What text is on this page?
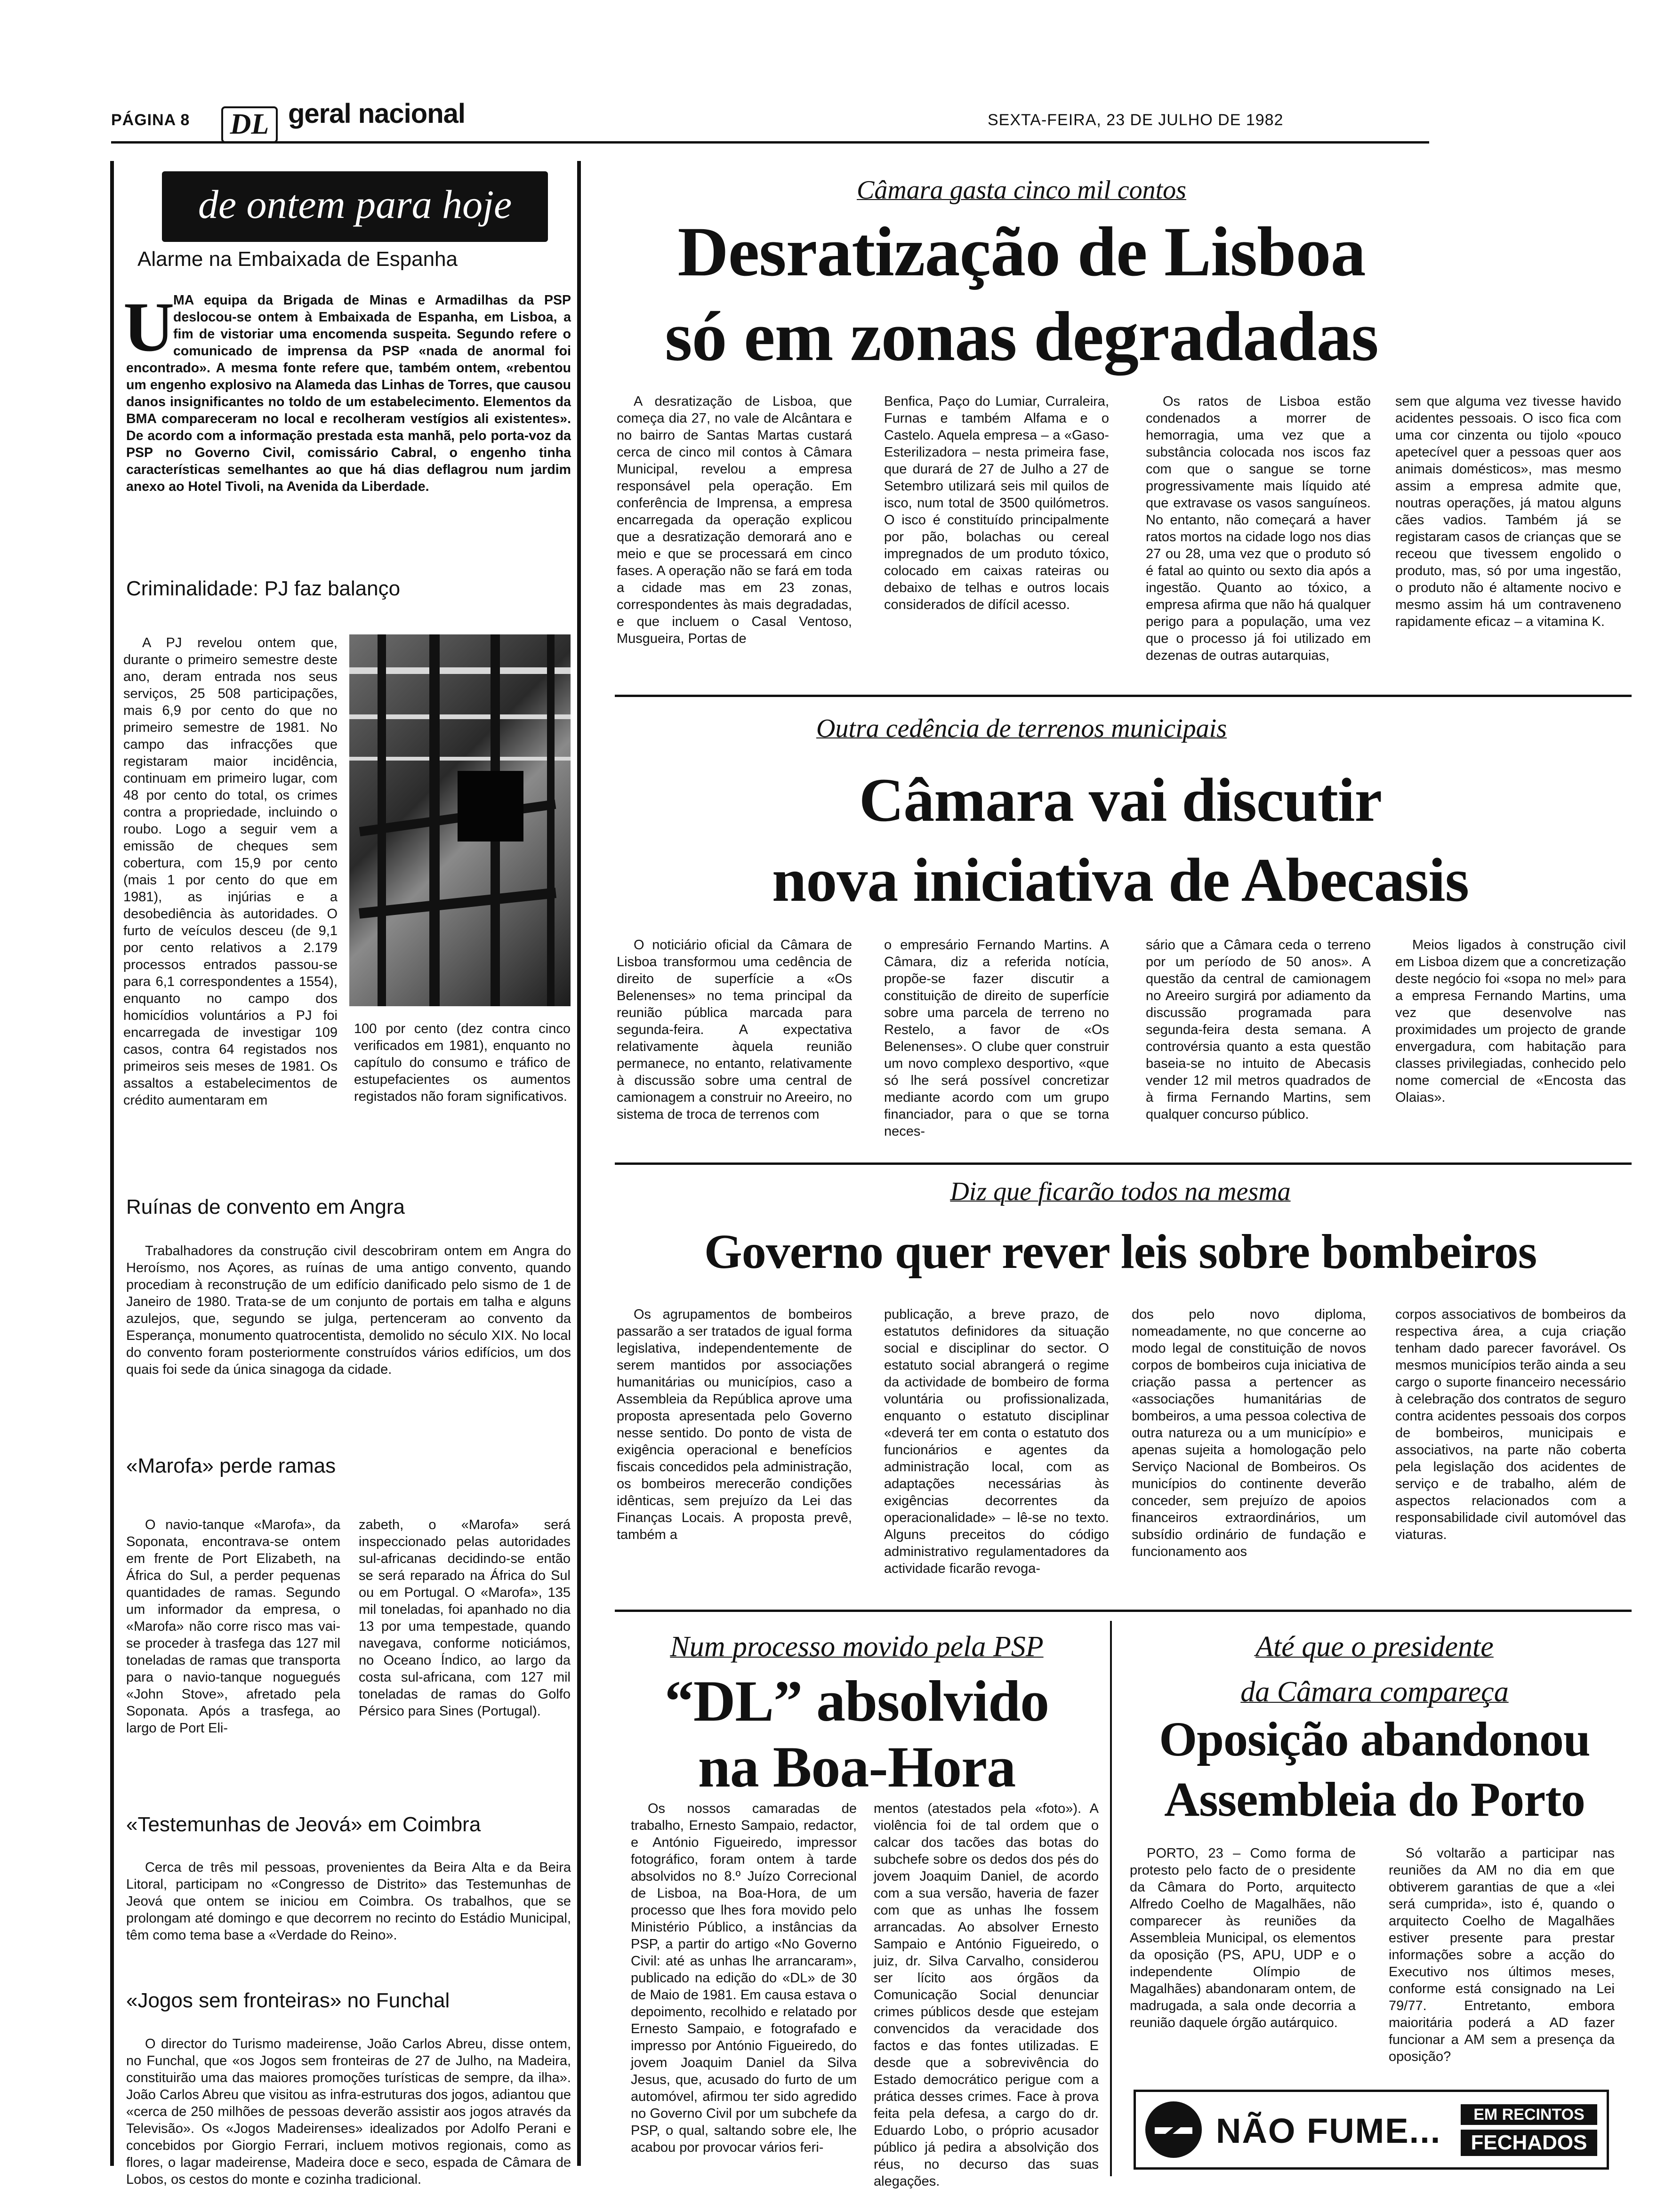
PÁGINA 8	DL geral nacional	SEXTA-FEIRA, 23 DE JULHO DE 1982
de ontem para hoje
Alarme na Embaixada de Espanha
U
MA equipa da Brigada de Minas e Armadilhas da PSP deslocou-se ontem à Embaixada de Espanha, em Lisboa, a fim de vistoriar uma encomenda suspeita. Segundo refere o comunicado de imprensa da PSP «nada de anormal foi encontrado». A mesma fonte refere que, também ontem, «rebentou um engenho explosivo na Alameda das Linhas de Torres, que causou danos insignificantes no toldo de um estabelecimento. Elementos da BMA compareceram no local e recolheram vestígios ali existentes». De acordo com a informação prestada esta manhã, pelo porta-voz da PSP no Governo Civil, comissário Cabral, o engenho tinha características semelhantes ao que há dias deflagrou num jardim anexo ao Hotel Tivoli, na Avenida da Liberdade.
Criminalidade: PJ faz balanço
A PJ revelou ontem que, durante o primeiro semestre deste ano, deram entrada nos seus serviços, 25 508 participações, mais 6,9 por cento do que no primeiro semestre de 1981. No campo das infracções que registaram maior incidência, continuam em primeiro lugar, com 48 por cento do total, os crimes contra a propriedade, incluindo o roubo. Logo a seguir vem a emissão de cheques sem cobertura, com 15,9 por cento (mais 1 por cento do que em 1981), as injúrias e a desobediência às autoridades. O furto de veículos desceu (de 9,1 por cento relativos a 2.179 processos entrados passou-se para 6,1 correspondentes a 1554), enquanto no campo dos homicídios voluntários a PJ foi encarregada de investigar 109 casos, contra 64 registados nos primeiros seis meses de 1981. Os assaltos a estabelecimentos de crédito aumentaram em
100 por cento (dez contra cinco verificados em 1981), enquanto no capítulo do consumo e tráfico de estupefacientes os aumentos registados não foram significativos.
Ruínas de convento em Angra
Trabalhadores da construção civil descobriram ontem em Angra do Heroísmo, nos Açores, as ruínas de uma antigo convento, quando procediam à reconstrução de um edifício danificado pelo sismo de 1 de Janeiro de 1980. Trata-se de um conjunto de portais em talha e alguns azulejos, que, segundo se julga, pertenceram ao convento da Esperança, monumento quatrocentista, demolido no século XIX. No local do convento foram posteriormente construídos vários edifícios, um dos quais foi sede da única sinagoga da cidade.
«Marofa» perde ramas
O navio-tanque «Marofa», da Soponata, encontrava-se ontem em frente de Port Elizabeth, na África do Sul, a perder pequenas quantidades de ramas. Segundo um informador da empresa, o «Marofa» não corre risco mas vai-se proceder à trasfega das 127 mil toneladas de ramas que transporta para o navio-tanque noguegués «John Stove», afretado pela Soponata. Após a trasfega, ao largo de Port Eli-
zabeth, o «Marofa» será inspeccionado pelas autoridades sul-africanas decidindo-se então se será reparado na África do Sul ou em Portugal. O «Marofa», 135 mil toneladas, foi apanhado no dia 13 por uma tempestade, quando navegava, conforme noticiámos, no Oceano Índico, ao largo da costa sul-africana, com 127 mil toneladas de ramas do Golfo Pérsico para Sines (Portugal).
«Testemunhas de Jeová» em Coimbra
Cerca de três mil pessoas, provenientes da Beira Alta e da Beira Litoral, participam no «Congresso de Distrito» das Testemunhas de Jeová que ontem se iniciou em Coimbra. Os trabalhos, que se prolongam até domingo e que decorrem no recinto do Estádio Municipal, têm como tema base a «Verdade do Reino».
«Jogos sem fronteiras» no Funchal
O director do Turismo madeirense, João Carlos Abreu, disse ontem, no Funchal, que «os Jogos sem fronteiras de 27 de Julho, na Madeira, constituirão uma das maiores promoções turísticas de sempre, da ilha». João Carlos Abreu que visitou as infra-estruturas dos jogos, adiantou que «cerca de 250 milhões de pessoas deverão assistir aos jogos através da Televisão». Os «Jogos Madeirenses» idealizados por Adolfo Perani e concebidos por Giorgio Ferrari, incluem motivos regionais, como as flores, o lagar madeirense, Madeira doce e seco, espada de Câmara de Lobos, os cestos do monte e cozinha tradicional.
Câmara gasta cinco mil contos
Desratização de Lisboa
só em zonas degradadas
A desratização de Lisboa, que começa dia 27, no vale de Alcântara e no bairro de Santas Martas custará cerca de cinco mil contos à Câmara Municipal, revelou a empresa responsável pela operação. Em conferência de Imprensa, a empresa encarregada da operação explicou que a desratização demorará ano e meio e que se processará em cinco fases. A operação não se fará em toda a cidade mas em 23 zonas, correspondentes às mais degradadas, e que incluem o Casal Ventoso, Musgueira, Portas de
Benfica, Paço do Lumiar, Curraleira, Furnas e também Alfama e o Castelo. Aquela empresa – a «Gaso-Esterilizadora – nesta primeira fase, que durará de 27 de Julho a 27 de Setembro utilizará seis mil quilos de isco, num total de 3500 quilómetros. O isco é constituído principalmente por pão, bolachas ou cereal impregnados de um produto tóxico, colocado em caixas rateiras ou debaixo de telhas e outros locais considerados de difícil acesso.
Os ratos de Lisboa estão condenados a morrer de hemorragia, uma vez que a substância colocada nos iscos faz com que o sangue se torne progressivamente mais líquido até que extravase os vasos sanguíneos. No entanto, não começará a haver ratos mortos na cidade logo nos dias 27 ou 28, uma vez que o produto só é fatal ao quinto ou sexto dia após a ingestão. Quanto ao tóxico, a empresa afirma que não há qualquer perigo para a população, uma vez que o processo já foi utilizado em dezenas de outras autarquias,
sem que alguma vez tivesse havido acidentes pessoais. O isco fica com uma cor cinzenta ou tijolo «pouco apetecível quer a pessoas quer aos animais domésticos», mas mesmo assim a empresa admite que, noutras operações, já matou alguns cães vadios. Também já se registaram casos de crianças que se receou que tivessem engolido o produto, mas, só por uma ingestão, o produto não é altamente nocivo e mesmo assim há um contraveneno rapidamente eficaz – a vitamina K.
Outra cedência de terrenos municipais
Câmara vai discutir
nova iniciativa de Abecasis
O noticiário oficial da Câmara de Lisboa transformou uma cedência de direito de superfície a «Os Belenenses» no tema principal da reunião pública marcada para segunda-feira. A expectativa relativamente àquela reunião permanece, no entanto, relativamente à discussão sobre uma central de camionagem a construir no Areeiro, no sistema de troca de terrenos com
o empresário Fernando Martins. A Câmara, diz a referida notícia, propõe-se fazer discutir a constituição de direito de superfície sobre uma parcela de terreno no Restelo, a favor de «Os Belenenses». O clube quer construir um novo complexo desportivo, «que só lhe será possível concretizar mediante acordo com um grupo financiador, para o que se torna neces-
sário que a Câmara ceda o terreno por um período de 50 anos». A questão da central de camionagem no Areeiro surgirá por adiamento da discussão programada para segunda-feira desta semana. A controvérsia quanto a esta questão baseia-se no intuito de Abecasis vender 12 mil metros quadrados de à firma Fernando Martins, sem qualquer concurso público.
Meios ligados à construção civil em Lisboa dizem que a concretização deste negócio foi «sopa no mel» para a empresa Fernando Martins, uma vez que desenvolve nas proximidades um projecto de grande envergadura, com habitação para classes privilegiadas, conhecido pelo nome comercial de «Encosta das Olaias».
Diz que ficarão todos na mesma
Governo quer rever leis sobre bombeiros
Os agrupamentos de bombeiros passarão a ser tratados de igual forma legislativa, independentemente de serem mantidos por associações humanitárias ou municípios, caso a Assembleia da República aprove uma proposta apresentada pelo Governo nesse sentido. Do ponto de vista de exigência operacional e benefícios fiscais concedidos pela administração, os bombeiros merecerão condições idênticas, sem prejuízo da Lei das Finanças Locais. A proposta prevê, também a
publicação, a breve prazo, de estatutos definidores da situação social e disciplinar do sector. O estatuto social abrangerá o regime da actividade de bombeiro de forma voluntária ou profissionalizada, enquanto o estatuto disciplinar «deverá ter em conta o estatuto dos funcionários e agentes da administração local, com as adaptações necessárias às exigências decorrentes da operacionalidade» – lê-se no texto. Alguns preceitos do código administrativo regulamentadores da actividade ficarão revoga-
dos pelo novo diploma, nomeadamente, no que concerne ao modo legal de constituição de novos corpos de bombeiros cuja iniciativa de criação passa a pertencer as «associações humanitárias de bombeiros, a uma pessoa colectiva de outra natureza ou a um município» e apenas sujeita a homologação pelo Serviço Nacional de Bombeiros. Os municípios do continente deverão conceder, sem prejuízo de apoios financeiros extraordinários, um subsídio ordinário de fundação e funcionamento aos
corpos associativos de bombeiros da respectiva área, a cuja criação tenham dado parecer favorável. Os mesmos municípios terão ainda a seu cargo o suporte financeiro necessário à celebração dos contratos de seguro contra acidentes pessoais dos corpos de bombeiros, municipais e associativos, na parte não coberta pela legislação dos acidentes de serviço e de trabalho, além de aspectos relacionados com a responsabilidade civil automóvel das viaturas.
Num processo movido pela PSP
“DL” absolvido
na Boa-Hora
Os nossos camaradas de trabalho, Ernesto Sampaio, redactor, e António Figueiredo, impressor fotográfico, foram ontem à tarde absolvidos no 8.º Juízo Correcional de Lisboa, na Boa-Hora, de um processo que lhes fora movido pelo Ministério Público, a instâncias da PSP, a partir do artigo «No Governo Civil: até as unhas lhe arrancaram», publicado na edição do «DL» de 30 de Maio de 1981. Em causa estava o depoimento, recolhido e relatado por Ernesto Sampaio, e fotografado e impresso por António Figueiredo, do jovem Joaquim Daniel da Silva Jesus, que, acusado do furto de um automóvel, afirmou ter sido agredido no Governo Civil por um subchefe da PSP, o qual, saltando sobre ele, lhe acabou por provocar vários feri-
mentos (atestados pela «foto»). A violência foi de tal ordem que o calcar dos tacões das botas do subchefe sobre os dedos dos pés do jovem Joaquim Daniel, de acordo com a sua versão, haveria de fazer com que as unhas lhe fossem arrancadas. Ao absolver Ernesto Sampaio e António Figueiredo, o juiz, dr. Silva Carvalho, considerou ser lícito aos órgãos da Comunicação Social denunciar crimes públicos desde que estejam convencidos da veracidade dos factos e das fontes utilizadas. E desde que a sobrevivência do Estado democrático perigue com a prática desses crimes. Face à prova feita pela defesa, a cargo do dr. Eduardo Lobo, o próprio acusador público já pedira a absolvição dos réus, no decurso das suas alegações.
Até que o presidente
da Câmara compareça
Oposição abandonou
Assembleia do Porto
PORTO, 23 – Como forma de protesto pelo facto de o presidente da Câmara do Porto, arquitecto Alfredo Coelho de Magalhães, não comparecer às reuniões da Assembleia Municipal, os elementos da oposição (PS, APU, UDP e o independente Olímpio de Magalhães) abandonaram ontem, de madrugada, a sala onde decorria a reunião daquele órgão autárquico.
Só voltarão a participar nas reuniões da AM no dia em que obtiverem garantias de que a «lei será cumprida», isto é, quando o arquitecto Coelho de Magalhães estiver presente para prestar informações sobre a acção do Executivo nos últimos meses, conforme está consignado na Lei 79/77. Entretanto, embora maioritária poderá a AD fazer funcionar a AM sem a presença da oposição?
NÃO FUME...	EM RECINTOS
FECHADOS
